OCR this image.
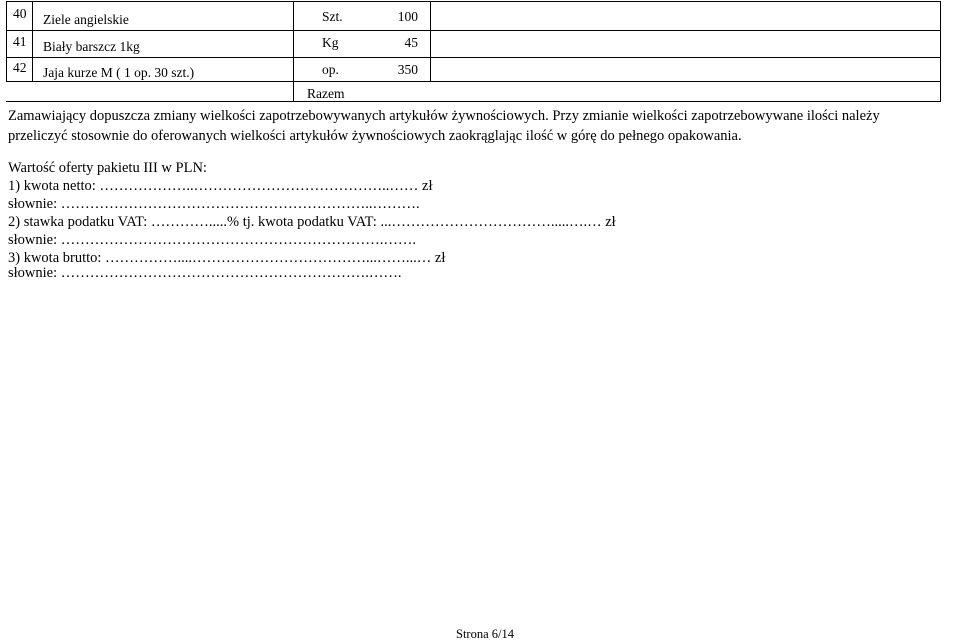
40 Ziele angielskie	Szt.	100
41 Biały barszcz 1kg	Kg	45
42 Jaja kurze M ( 1 op. 30 szt.)	op.	350
Razem
Zamawiający dopuszcza zmiany wielkości zapotrzebowywanych artykułów żywnościowych. Przy zmianie wielkości zapotrzebowywane ilości należy
przeliczyć stosownie do oferowanych wielkości artykułów żywnościowych zaokrąglając ilość w górę do pełnego opakowania.
Wartość oferty pakietu III w PLN:
1) kwota netto: ………………..…………………………………..…… zł
słownie: ………………………………………………………..……….
2) stawka podatku VAT: ………….....% tj. kwota podatku VAT: ...…………………………….....….… zł
słownie: ………………………………………………………….…….
3) kwota brutto: ……………....………………………………...……...… zł
słownie: ……………………………………………………….…….
Strona 6/14
